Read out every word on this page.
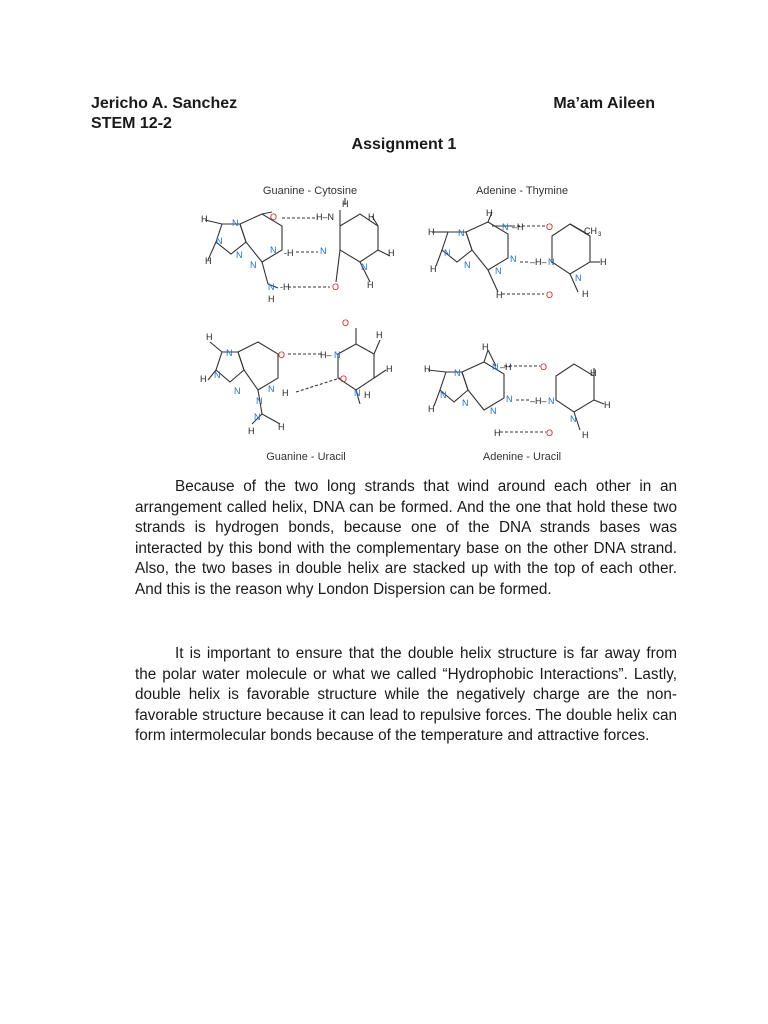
Jericho A. Sanchez
STEM 12-2
Ma’am Aileen
Assignment 1
Guanine - Cytosine
H	N
N
N
H
O
N -H
N
N -H
H
H–N
H
H
N	H
N
H
O
Adenine - Thymine
H
H	N
N
H	N
N –H O	CH 3
N –H– N	H
N
N
H
H	O
Guanine - Uracil
H
N
N
H
N
O
N H
N
N
H	H
H– N
O
H
H
O
N H
Adenine - Uracil
H
H	N
N
H
N
N –H	O
H
N –H– N	H
N
N
H
H	O

Because of the two long strands that wind around each other in an arrangement called helix, DNA can be formed. And the one that hold these two strands is hydrogen bonds, because one of the DNA strands bases was interacted by this bond with the complementary base on the other DNA strand. Also, the two bases in double helix are stacked up with the top of each other. And this is the reason why London Dispersion can be formed.

It is important to ensure that the double helix structure is far away from the polar water molecule or what we called “Hydrophobic Interactions”. Lastly, double helix is favorable structure while the negatively charge are the non-favorable structure because it can lead to repulsive forces. The double helix can form intermolecular bonds because of the temperature and attractive forces.
